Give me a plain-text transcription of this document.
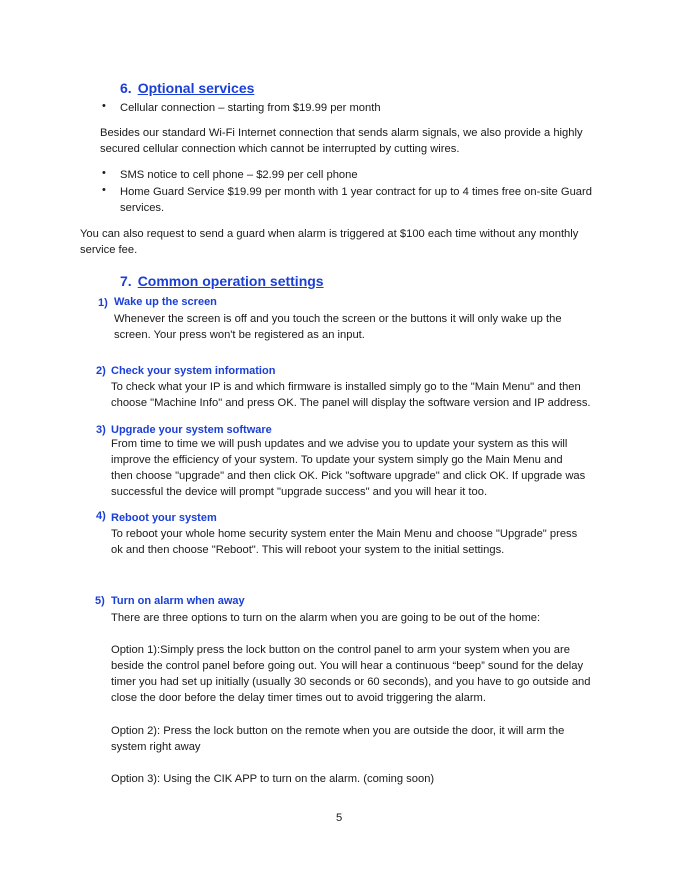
6. Optional services
• Cellular connection – starting from $19.99 per month
Besides our standard Wi-Fi Internet connection that sends alarm signals, we also provide a highly
secured cellular connection which cannot be interrupted by cutting wires.
• SMS notice to cell phone – $2.99 per cell phone
• Home Guard Service $19.99 per month with 1 year contract for up to 4 times free on-site Guard
services.
You can also request to send a guard when alarm is triggered at $100 each time without any monthly
service fee.
7. Common operation settings
1) Wake up the screen
Whenever the screen is off and you touch the screen or the buttons it will only wake up the
screen. Your press won't be registered as an input.
2) Check your system information
To check what your IP is and which firmware is installed simply go to the "Main Menu" and then
choose "Machine Info" and press OK. The panel will display the software version and IP address.
3) Upgrade your system software
From time to time we will push updates and we advise you to update your system as this will
improve the efficiency of your system. To update your system simply go the Main Menu and
then choose "upgrade" and then click OK. Pick "software upgrade" and click OK. If upgrade was
successful the device will prompt "upgrade success" and you will hear it too.
4) Reboot your system
To reboot your whole home security system enter the Main Menu and choose "Upgrade" press
ok and then choose "Reboot". This will reboot your system to the initial settings.
5) Turn on alarm when away
There are three options to turn on the alarm when you are going to be out of the home:
Option 1):Simply press the lock button on the control panel to arm your system when you are
beside the control panel before going out. You will hear a continuous “beep” sound for the delay
timer you had set up initially (usually 30 seconds or 60 seconds), and you have to go outside and
close the door before the delay timer times out to avoid triggering the alarm.
Option 2): Press the lock button on the remote when you are outside the door, it will arm the
system right away
Option 3): Using the CIK APP to turn on the alarm. (coming soon)
5
